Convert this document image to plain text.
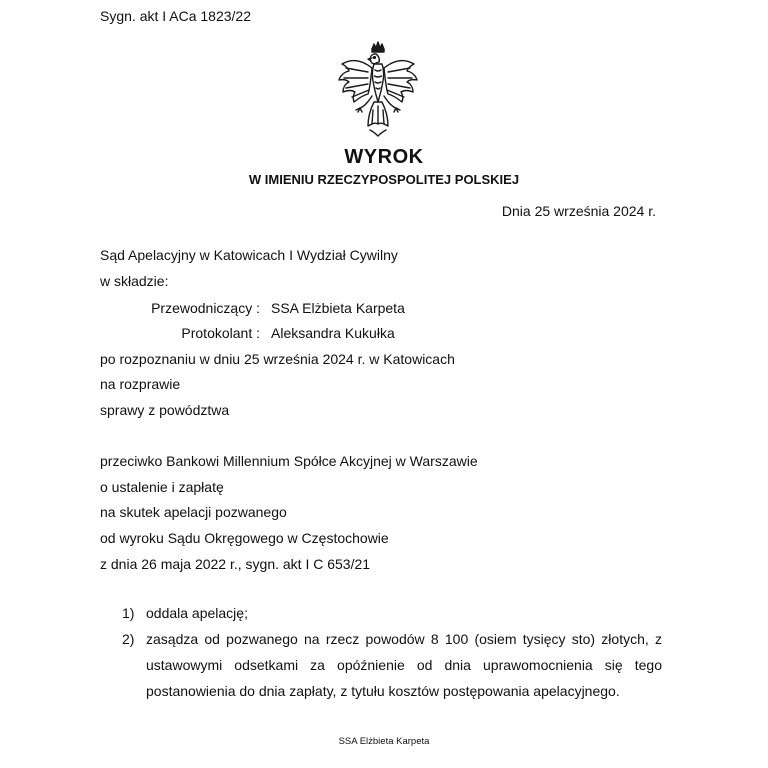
Sygn. akt I ACa 1823/22
WYROK
W IMIENIU RZECZYPOSPOLITEJ POLSKIEJ
Dnia 25 września 2024 r.
Sąd Apelacyjny w Katowicach I Wydział Cywilny
w składzie:
Przewodniczący : SSA Elżbieta Karpeta
Protokolant : Aleksandra Kukułka
po rozpoznaniu w dniu 25 września 2024 r. w Katowicach
na rozprawie
sprawy z powództwa
przeciwko Bankowi Millennium Spółce Akcyjnej w Warszawie
o ustalenie i zapłatę
na skutek apelacji pozwanego
od wyroku Sądu Okręgowego w Częstochowie
z dnia 26 maja 2022 r., sygn. akt I C 653/21
1) oddala apelację;
2) zasądza od pozwanego na rzecz powodów 8 100 (osiem tysięcy sto) złotych, z ustawowymi odsetkami za opóźnienie od dnia uprawomocnienia się tego postanowienia do dnia zapłaty, z tytułu kosztów postępowania apelacyjnego.
SSA Elżbieta Karpeta
